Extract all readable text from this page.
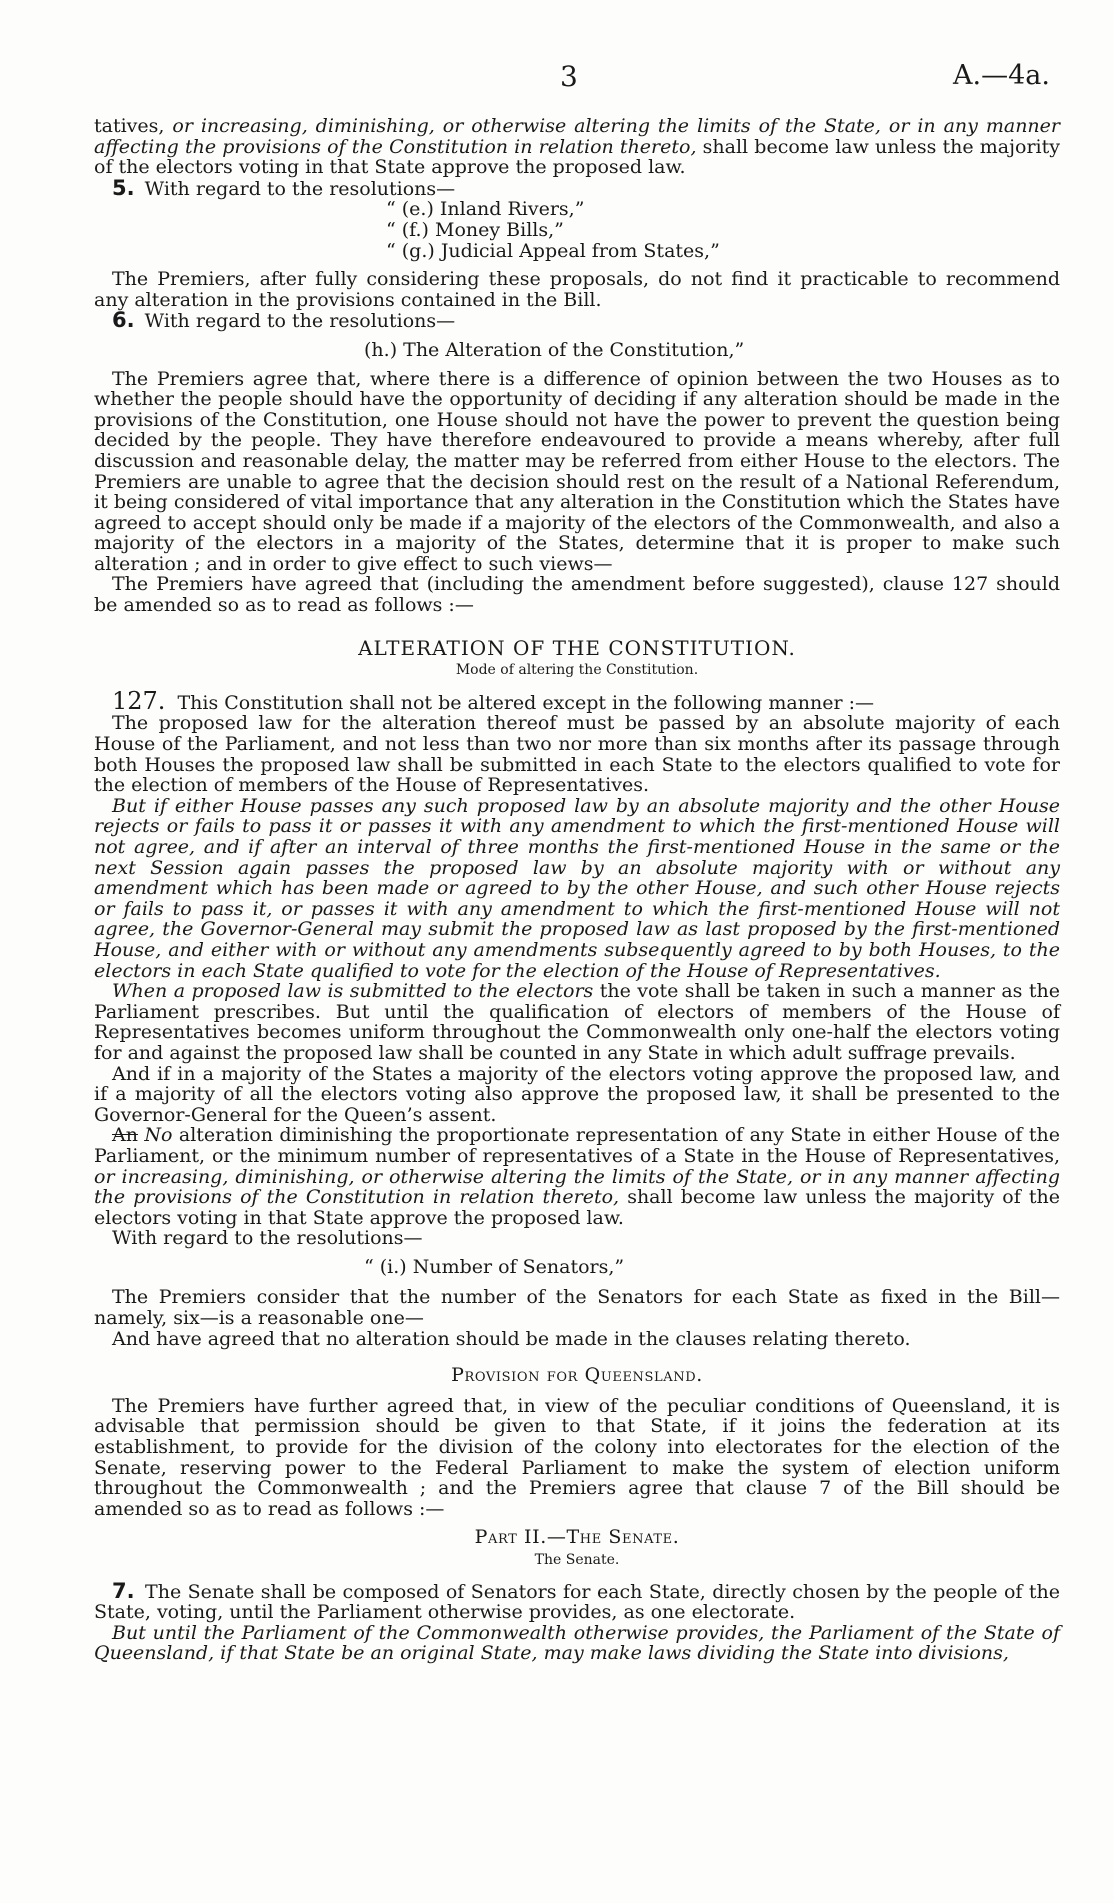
3	A.—4a.

tatives, or increasing, diminishing, or otherwise altering the limits of the State, or in any manner affecting the provisions of the Constitution in relation thereto, shall become law unless the majority of the electors voting in that State approve the proposed law.

5. With regard to the resolutions—

“ (e.) Inland Rivers,”

“ (f.) Money Bills,”

“ (g.) Judicial Appeal from States,”

The Premiers, after fully considering these proposals, do not find it practicable to recommend any alteration in the provisions contained in the Bill.

6. With regard to the resolutions—

(h.) The Alteration of the Constitution,”

The Premiers agree that, where there is a difference of opinion between the two Houses as to whether the people should have the opportunity of deciding if any alteration should be made in the provisions of the Constitution, one House should not have the power to prevent the question being decided by the people. They have therefore endeavoured to provide a means whereby, after full discussion and reasonable delay, the matter may be referred from either House to the electors. The Premiers are unable to agree that the decision should rest on the result of a National Referendum, it being considered of vital importance that any alteration in the Constitution which the States have agreed to accept should only be made if a majority of the electors of the Commonwealth, and also a majority of the electors in a majority of the States, determine that it is proper to make such alteration ; and in order to give effect to such views—

The Premiers have agreed that (including the amendment before suggested), clause 127 should be amended so as to read as follows :—

ALTERATION OF THE CONSTITUTION.

Mode of altering the Constitution.

127. This Constitution shall not be altered except in the following manner :—

The proposed law for the alteration thereof must be passed by an absolute majority of each House of the Parliament, and not less than two nor more than six months after its passage through both Houses the proposed law shall be submitted in each State to the electors qualified to vote for the election of members of the House of Representatives.

But if either House passes any such proposed law by an absolute majority and the other House rejects or fails to pass it or passes it with any amendment to which the first-mentioned House will not agree, and if after an interval of three months the first-mentioned House in the same or the next Session again passes the proposed law by an absolute majority with or without any amendment which has been made or agreed to by the other House, and such other House rejects or fails to pass it, or passes it with any amendment to which the first-mentioned House will not agree, the Governor-General may submit the proposed law as last proposed by the first-mentioned House, and either with or without any amendments subsequently agreed to by both Houses, to the electors in each State qualified to vote for the election of the House of Representatives.

When a proposed law is submitted to the electors the vote shall be taken in such a manner as the Parliament prescribes. But until the qualification of electors of members of the House of Representatives becomes uniform throughout the Commonwealth only one-half the electors voting for and against the proposed law shall be counted in any State in which adult suffrage prevails.

And if in a majority of the States a majority of the electors voting approve the proposed law, and if a majority of all the electors voting also approve the proposed law, it shall be presented to the Governor-General for the Queen’s assent.

An No alteration diminishing the proportionate representation of any State in either House of the Parliament, or the minimum number of representatives of a State in the House of Representatives, or increasing, diminishing, or otherwise altering the limits of the State, or in any manner affecting the provisions of the Constitution in relation thereto, shall become law unless the majority of the electors voting in that State approve the proposed law.

With regard to the resolutions—

“ (i.) Number of Senators,”

The Premiers consider that the number of the Senators for each State as fixed in the Bill—namely, six—is a reasonable one—

And have agreed that no alteration should be made in the clauses relating thereto.

Provision for Queensland.

The Premiers have further agreed that, in view of the peculiar conditions of Queensland, it is advisable that permission should be given to that State, if it joins the federation at its establishment, to provide for the division of the colony into electorates for the election of the Senate, reserving power to the Federal Parliament to make the system of election uniform throughout the Commonwealth ; and the Premiers agree that clause 7 of the Bill should be amended so as to read as follows :—

Part II.—The Senate.

The Senate.

7. The Senate shall be composed of Senators for each State, directly chosen by the people of the State, voting, until the Parliament otherwise provides, as one electorate.

But until the Parliament of the Commonwealth otherwise provides, the Parliament of the State of Queensland, if that State be an original State, may make laws dividing the State into divisions,
